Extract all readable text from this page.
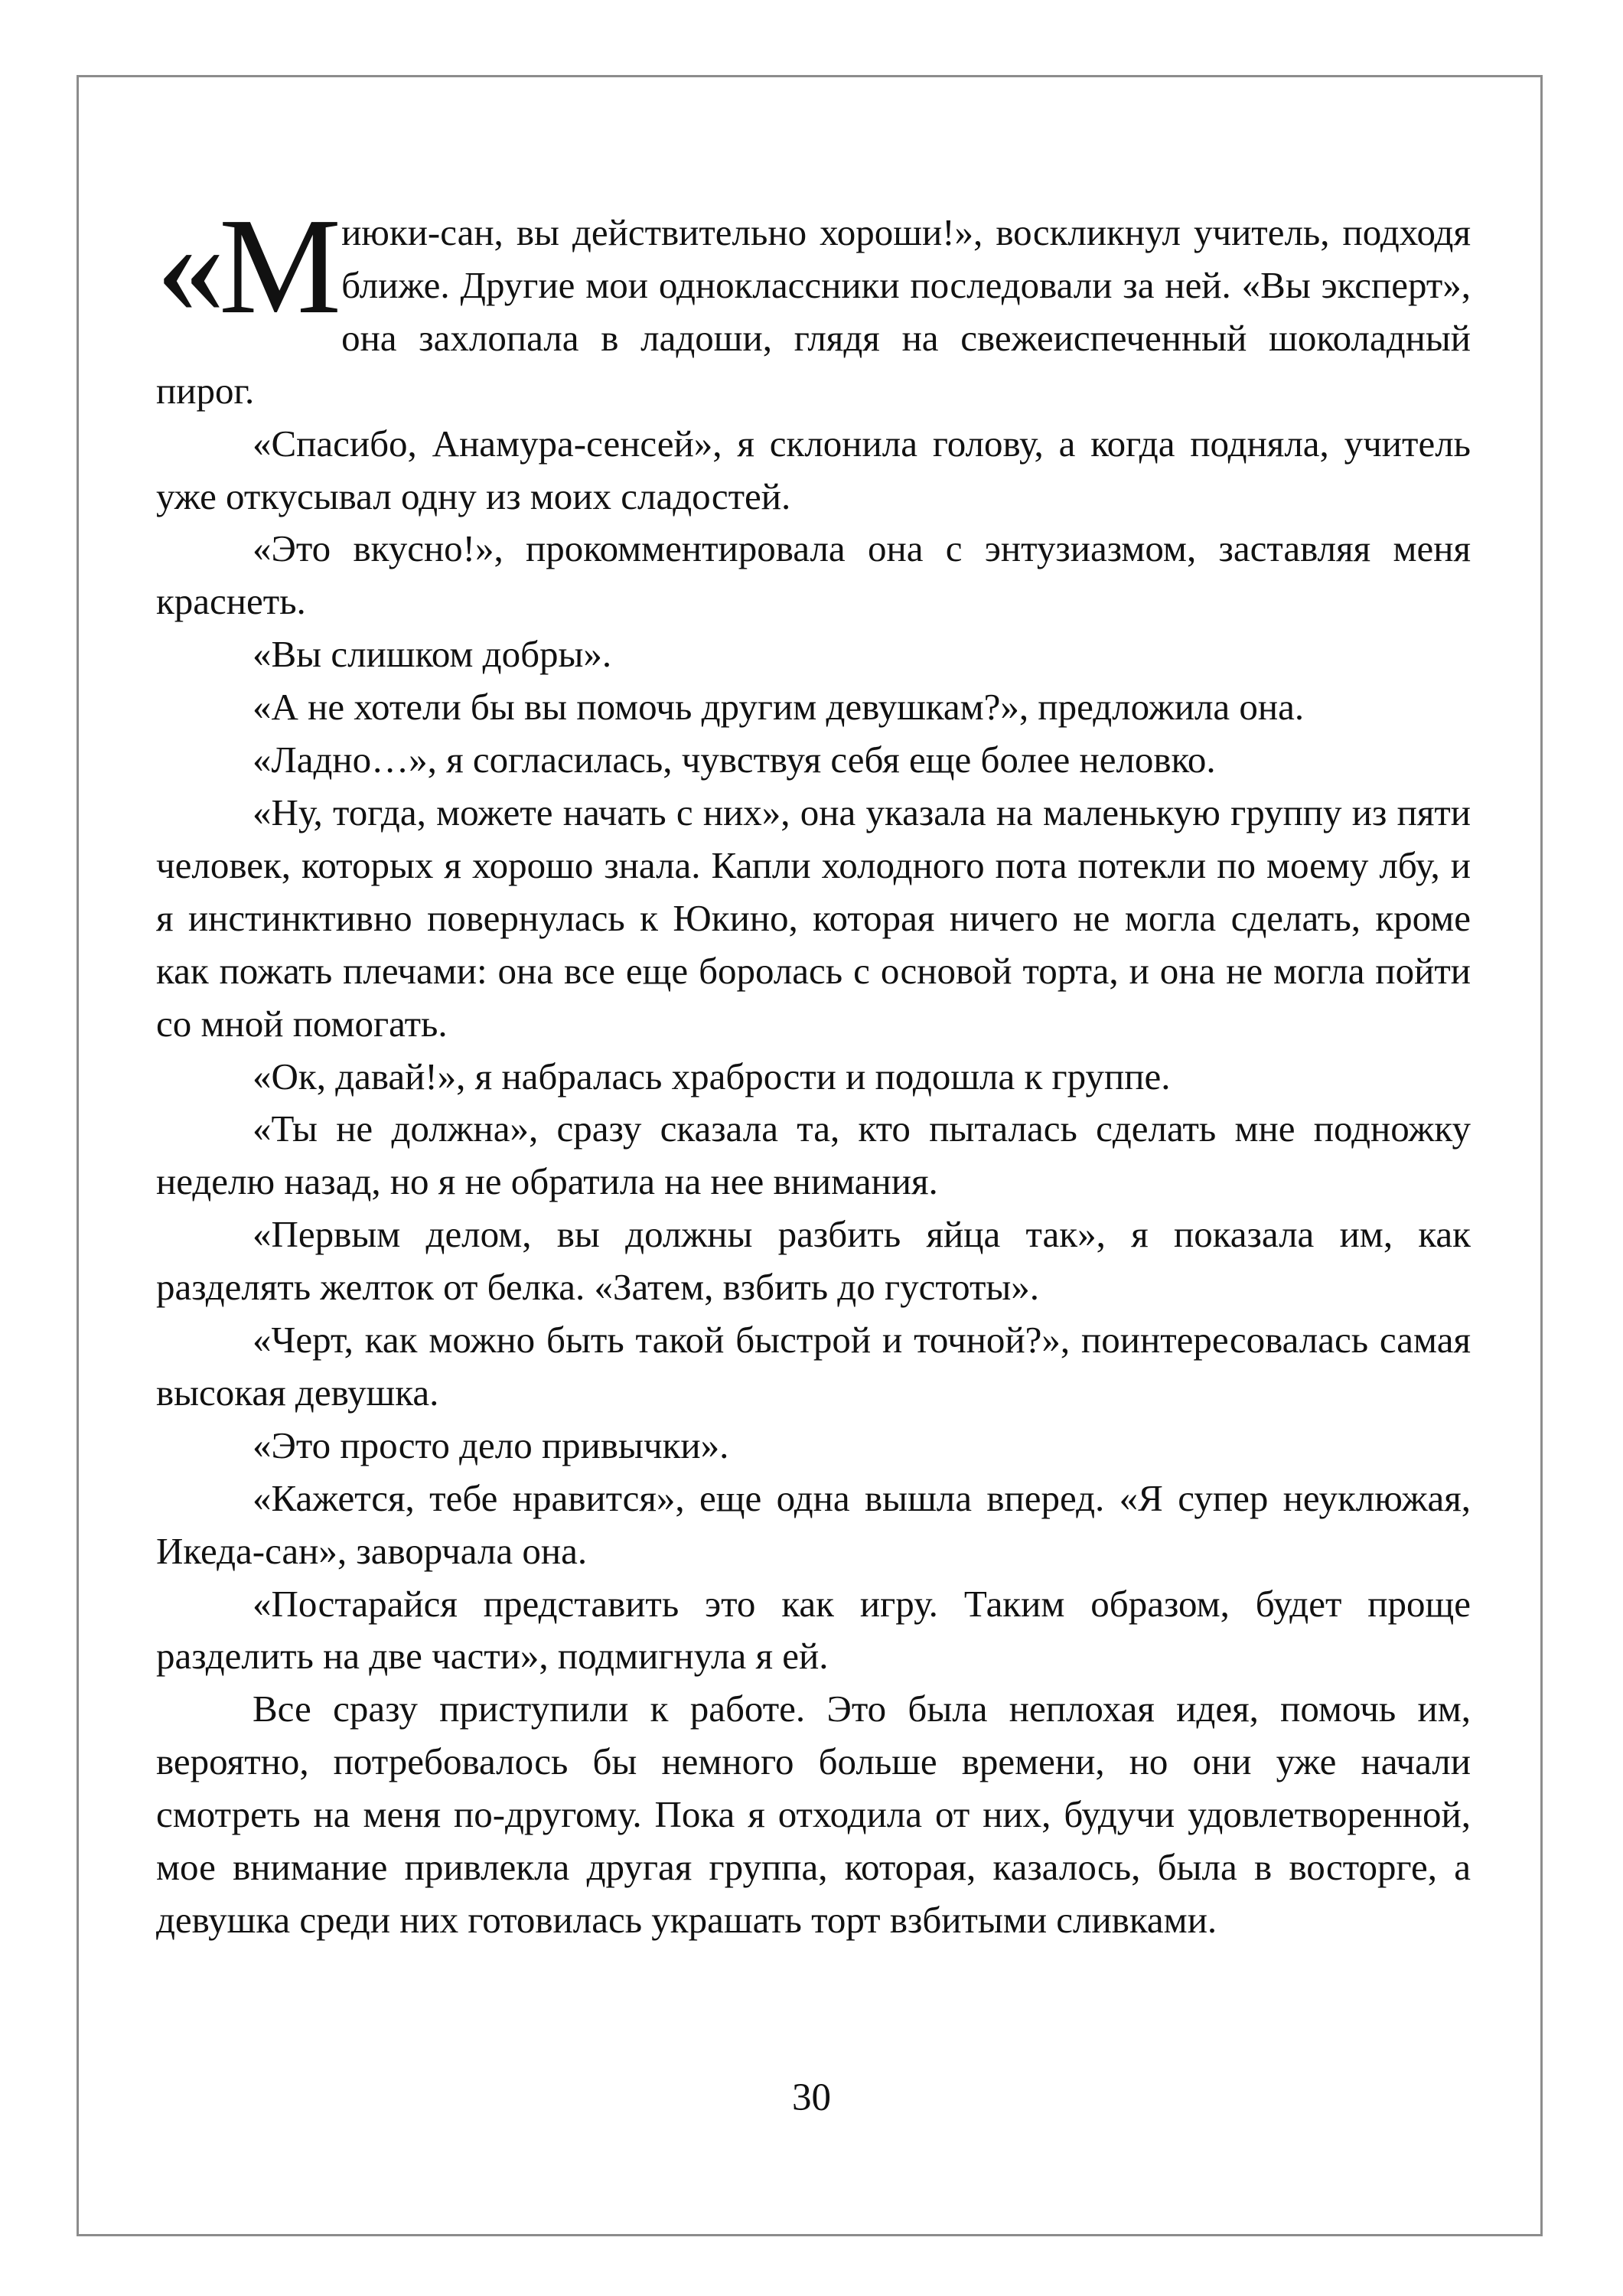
«Миюки-сан, вы действительно хороши!», воскликнул учитель, подходя ближе. Другие мои одноклассники последовали за ней. «Вы эксперт», она захлопала в ладоши, глядя на свежеиспеченный шоколадный пирог.

«Спасибо, Анамура-сенсей», я склонила голову, а когда подняла, учитель уже откусывал одну из моих сладостей.

«Это вкусно!», прокомментировала она с энтузиазмом, заставляя меня краснеть.

«Вы слишком добры».

«А не хотели бы вы помочь другим девушкам?», предложила она.

«Ладно…», я согласилась, чувствуя себя еще более неловко.

«Ну, тогда, можете начать с них», она указала на маленькую группу из пяти человек, которых я хорошо знала. Капли холодного пота потекли по моему лбу, и я инстинктивно повернулась к Юкино, которая ничего не могла сделать, кроме как пожать плечами: она все еще боролась с основой торта, и она не могла пойти со мной помогать.

«Ок, давай!», я набралась храбрости и подошла к группе.

«Ты не должна», сразу сказала та, кто пыталась сделать мне подножку неделю назад, но я не обратила на нее внимания.

«Первым делом, вы должны разбить яйца так», я показала им, как разделять желток от белка. «Затем, взбить до густоты».

«Черт, как можно быть такой быстрой и точной?», поинтересовалась самая высокая девушка.

«Это просто дело привычки».

«Кажется, тебе нравится», еще одна вышла вперед. «Я супер неуклюжая, Икеда-сан», заворчала она.

«Постарайся представить это как игру. Таким образом, будет проще разделить на две части», подмигнула я ей.

Все сразу приступили к работе. Это была неплохая идея, помочь им, вероятно, потребовалось бы немного больше времени, но они уже начали смотреть на меня по-другому. Пока я отходила от них, будучи удовлетворенной, мое внимание привлекла другая группа, которая, казалось, была в восторге, а девушка среди них готовилась украшать торт взбитыми сливками.

30
